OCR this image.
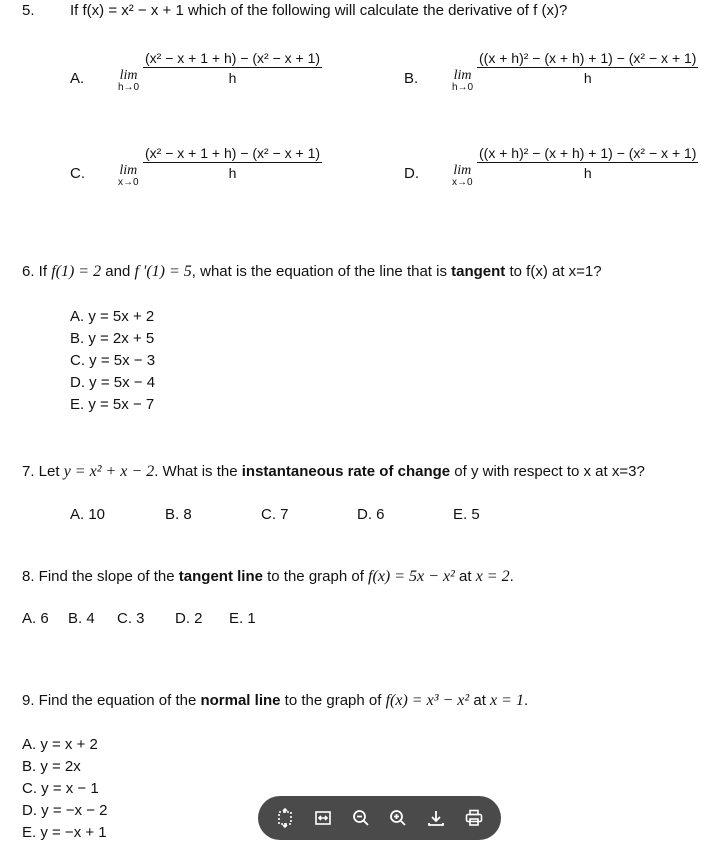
5. If f(x) = x² − x + 1 which of the following will calculate the derivative of f (x)?
A.	lim
h→0
$\frac{\text{(x² − x + 1 + h) − (x² − x + 1)}}{h}$	B.	lim
h→0
$\frac{\text{((x + h)² − (x + h) + 1) − (x² − x + 1)}}{h}$
C. lim
x→0
$\frac{\text{(x² − x + 1 + h) − (x² − x + 1)}}{h}$	D. lim
x→0
$\frac{\text{((x + h)² − (x + h) + 1) − (x² − x + 1)}}{h}$
6. If f(1) = 2 and f '(1) = 5, what is the equation of the line that is tangent to f(x) at x=1?
A. y = 5x + 2
B. y = 2x + 5
C. y = 5x − 3
D. y = 5x − 4
E. y = 5x − 7
7. Let y = x² + x − 2. What is the instantaneous rate of change of y with respect to x at x=3?
A. 10	B. 8	C. 7	D. 6	E. 5
8. Find the slope of the tangent line to the graph of f(x) = 5x − x² at x = 2.
A. 6 B. 4 C. 3 D. 2 E. 1
9. Find the equation of the normal line to the graph of f(x) = x³ − x² at x = 1.
A. y = x + 2
B. y = 2x
C. y = x − 1
D. y = −x − 2
E. y = −x + 1
